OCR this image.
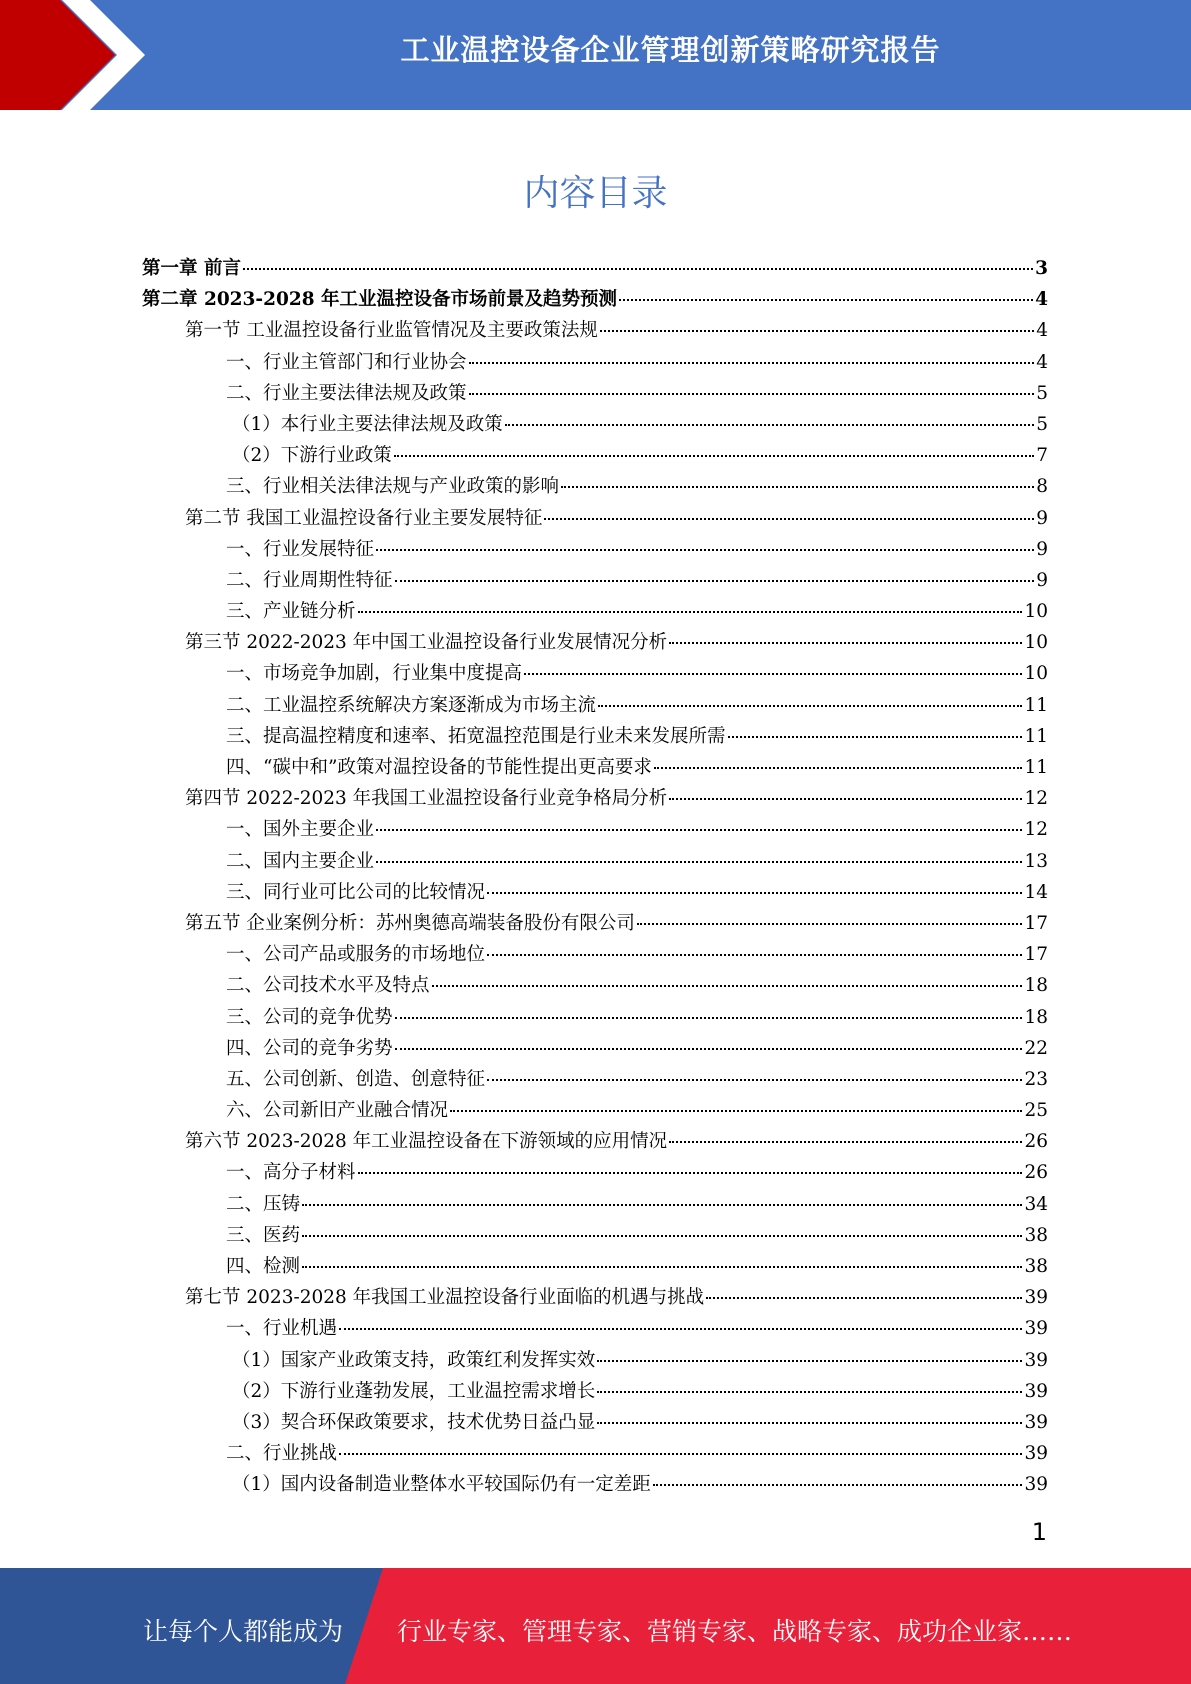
工业温控设备企业管理创新策略研究报告
内容目录
第一章 前言	3
第二章 2023-2028 年工业温控设备市场前景及趋势预测	4
第一节 工业温控设备行业监管情况及主要政策法规	4
一、行业主管部门和行业协会	4
二、行业主要法律法规及政策	5
（1）本行业主要法律法规及政策	5
（2）下游行业政策	7
三、行业相关法律法规与产业政策的影响	8
第二节 我国工业温控设备行业主要发展特征	9
一、行业发展特征	9
二、行业周期性特征	9
三、产业链分析	10
第三节 2022-2023 年中国工业温控设备行业发展情况分析	10
一、市场竞争加剧，行业集中度提高	10
二、工业温控系统解决方案逐渐成为市场主流	11
三、提高温控精度和速率、拓宽温控范围是行业未来发展所需	11
四、“碳中和”政策对温控设备的节能性提出更高要求	11
第四节 2022-2023 年我国工业温控设备行业竞争格局分析	12
一、国外主要企业	12
二、国内主要企业	13
三、同行业可比公司的比较情况	14
第五节 企业案例分析：苏州奥德高端装备股份有限公司	17
一、公司产品或服务的市场地位	17
二、公司技术水平及特点	18
三、公司的竞争优势	18
四、公司的竞争劣势	22
五、公司创新、创造、创意特征	23
六、公司新旧产业融合情况	25
第六节 2023-2028 年工业温控设备在下游领域的应用情况	26
一、高分子材料	26
二、压铸	34
三、医药	38
四、检测	38
第七节 2023-2028 年我国工业温控设备行业面临的机遇与挑战	39
一、行业机遇	39
（1）国家产业政策支持，政策红利发挥实效	39
（2）下游行业蓬勃发展，工业温控需求增长	39
（3）契合环保政策要求，技术优势日益凸显	39
二、行业挑战	39
（1）国内设备制造业整体水平较国际仍有一定差距	39
1
让每个人都能成为 行业专家、管理专家、营销专家、战略专家、成功企业家……
